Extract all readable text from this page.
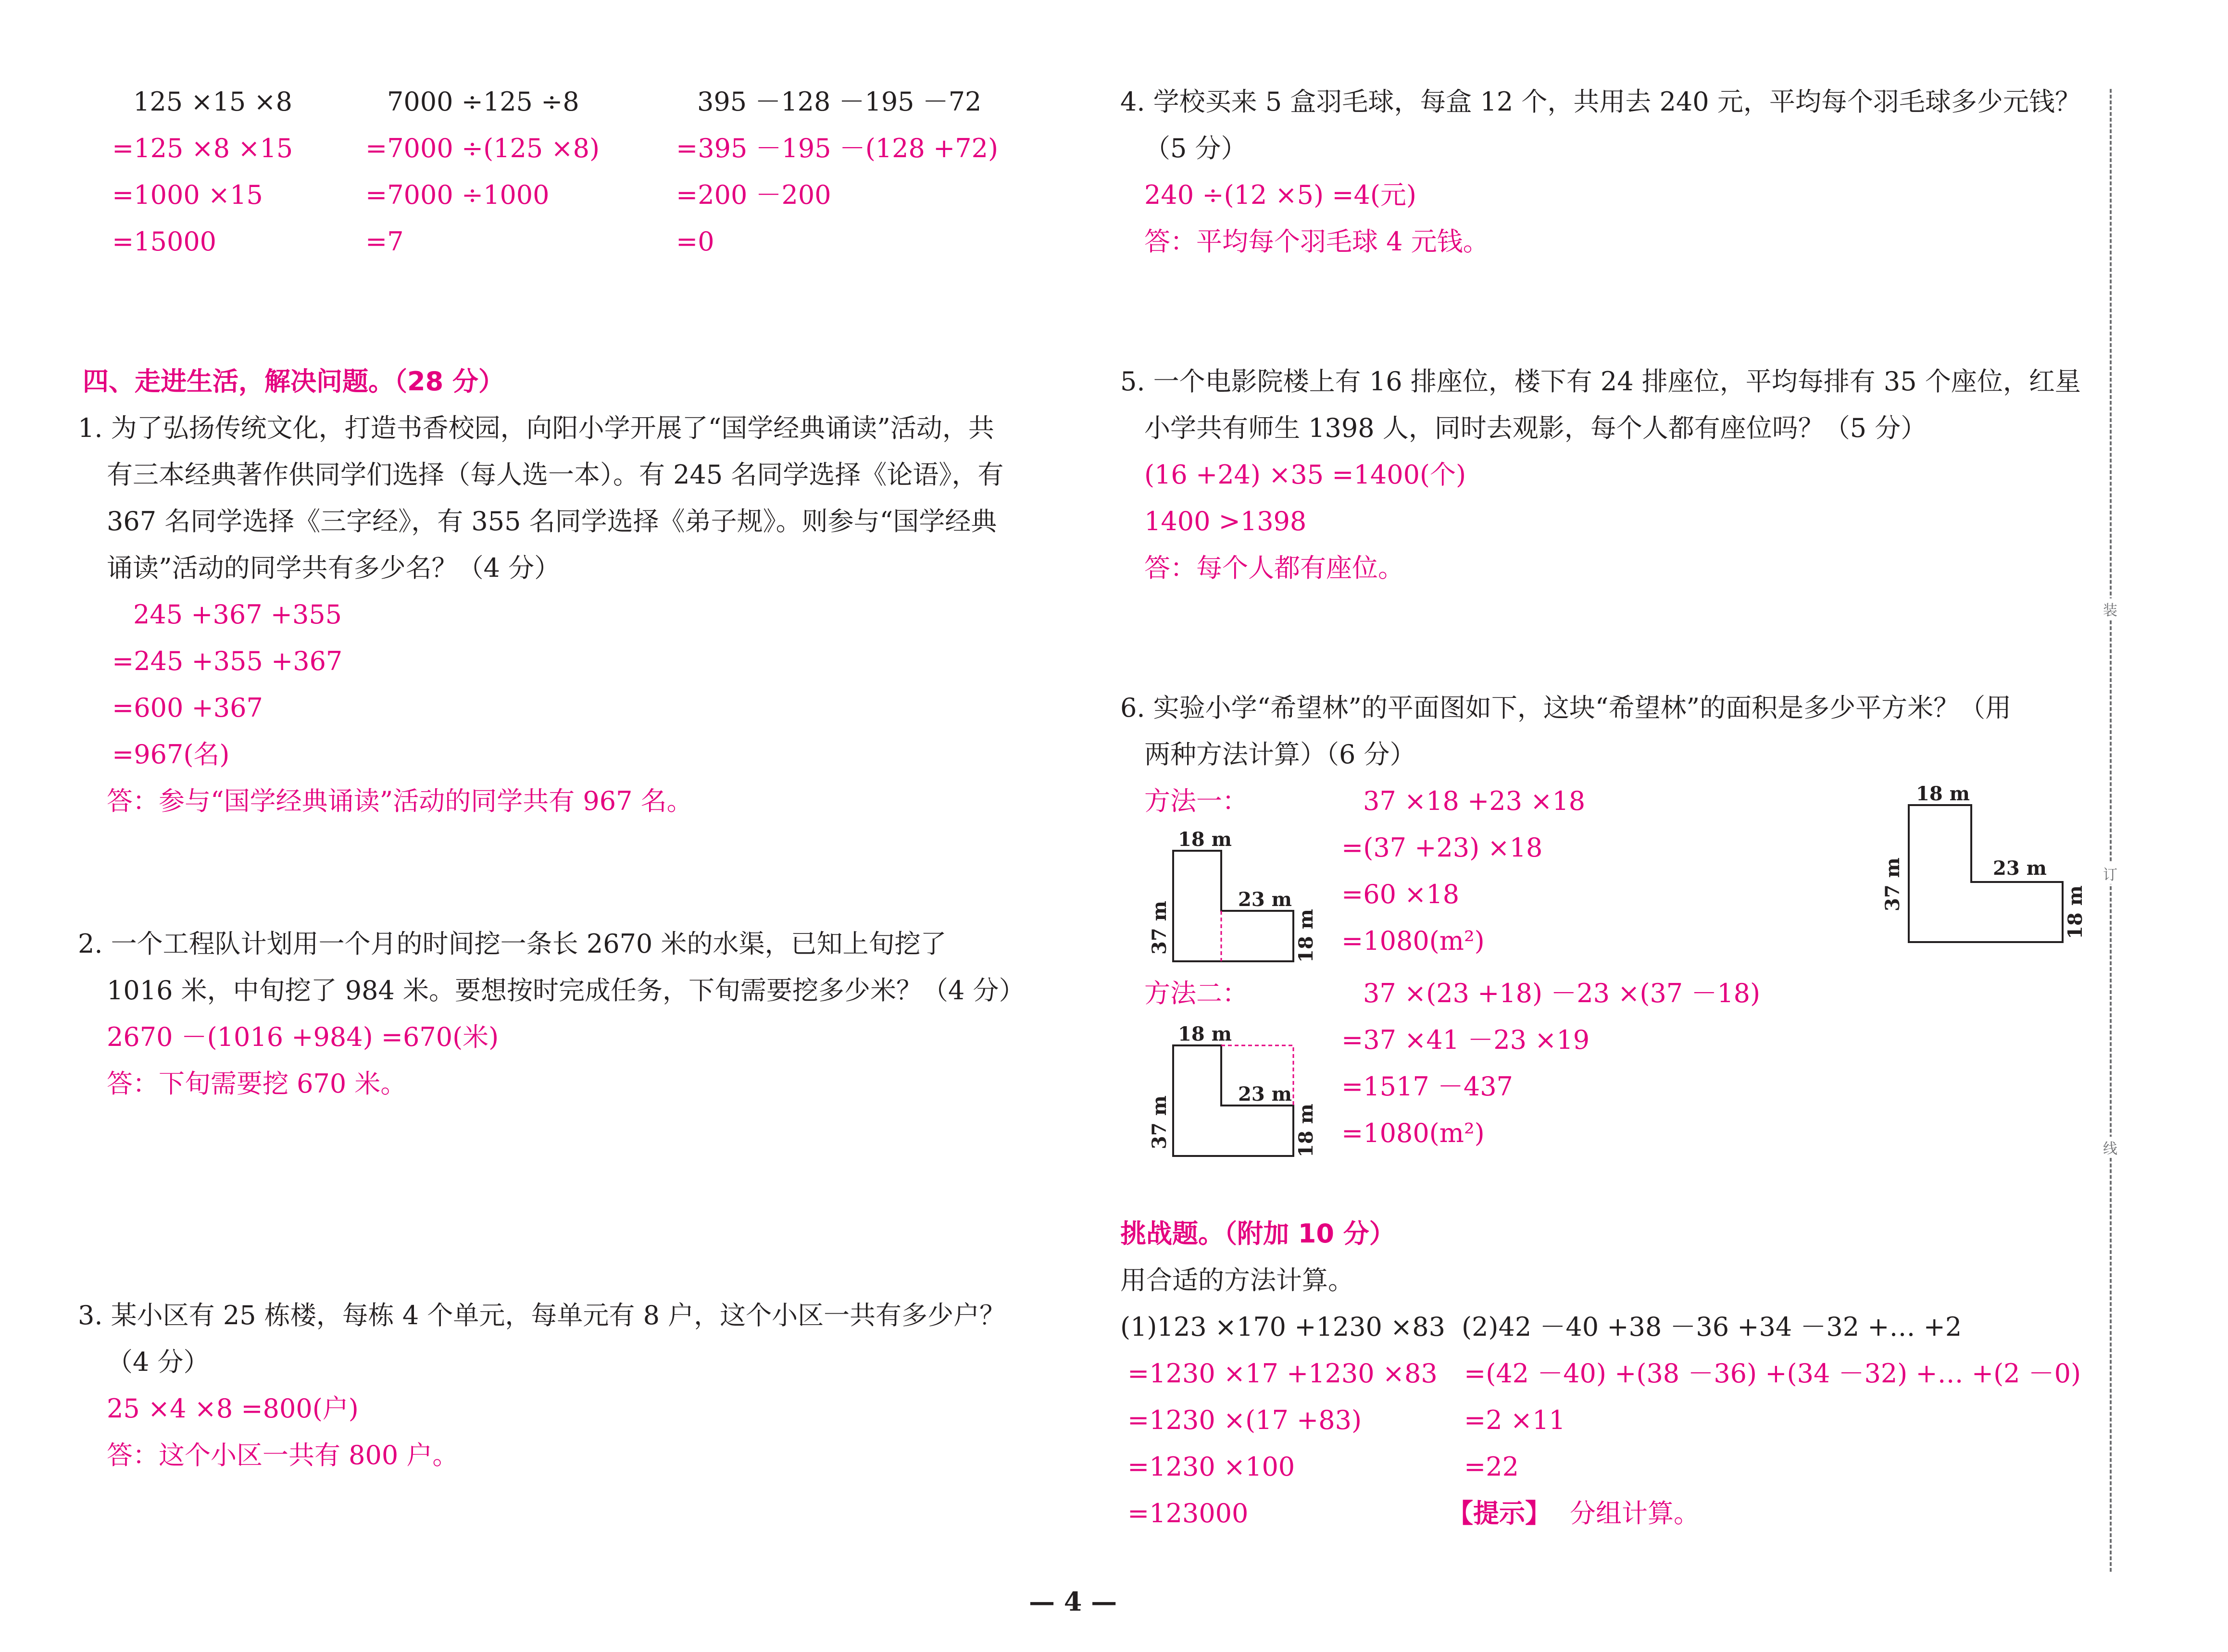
125 ×15 ×8
=125 ×8 ×15
=1000 ×15
=15000
7000 ÷125 ÷8
=7000 ÷(125 ×8)
=7000 ÷1000
=7
395 －128 －195 －72
=395 －195 －(128 +72)
=200 －200
=0
四、走进生活，解决问题。（28 分）
1. 为了弘扬传统文化，打造书香校园，向阳小学开展了“国学经典诵读”活动，共
有三本经典著作供同学们选择（每人选一本）。有 245 名同学选择《论语》，有
367 名同学选择《三字经》，有 355 名同学选择《弟子规》。则参与“国学经典
诵读”活动的同学共有多少名？（4 分）
245 +367 +355
=245 +355 +367
=600 +367
=967(名)
答：参与“国学经典诵读”活动的同学共有 967 名。
2. 一个工程队计划用一个月的时间挖一条长 2670 米的水渠，已知上旬挖了
1016 米，中旬挖了 984 米。要想按时完成任务，下旬需要挖多少米？（4 分）
2670 －(1016 +984) =670(米)
答：下旬需要挖 670 米。
3. 某小区有 25 栋楼，每栋 4 个单元，每单元有 8 户，这个小区一共有多少户？
（4 分）
25 ×4 ×8 =800(户)
答：这个小区一共有 800 户。
4. 学校买来 5 盒羽毛球，每盒 12 个，共用去 240 元，平均每个羽毛球多少元钱？
（5 分）
240 ÷(12 ×5) =4(元)
答：平均每个羽毛球 4 元钱。
5. 一个电影院楼上有 16 排座位，楼下有 24 排座位，平均每排有 35 个座位，红星
小学共有师生 1398 人，同时去观影，每个人都有座位吗？（5 分）
(16 +24) ×35 =1400(个)
1400 >1398
答：每个人都有座位。
6. 实验小学“希望林”的平面图如下，这块“希望林”的面积是多少平方米？（用
两种方法计算）（6 分）
方法一：	37 ×18 +23 ×18
=(37 +23) ×18
=60 ×18
=1080(m²)
方法二：	37 ×(23 +18) －23 ×(37 －18)
=37 ×41 －23 ×19
=1517 －437
=1080(m²)
18 m
23 m
37 m	18 m
18 m
23 m
37 m	18 m
18 m
23 m
37 m
18 m
挑战题。（附加 10 分）
用合适的方法计算。
(1)123 ×170 +1230 ×83
=1230 ×17 +1230 ×83
=1230 ×(17 +83)
=1230 ×100
=123000
(2)42 －40 +38 －36 +34 －32 +… +2
=(42 －40) +(38 －36) +(34 －32) +… +(2 －0)
=2 ×11
=22
【提示】 分组计算。
装
订
线
— 4 —
